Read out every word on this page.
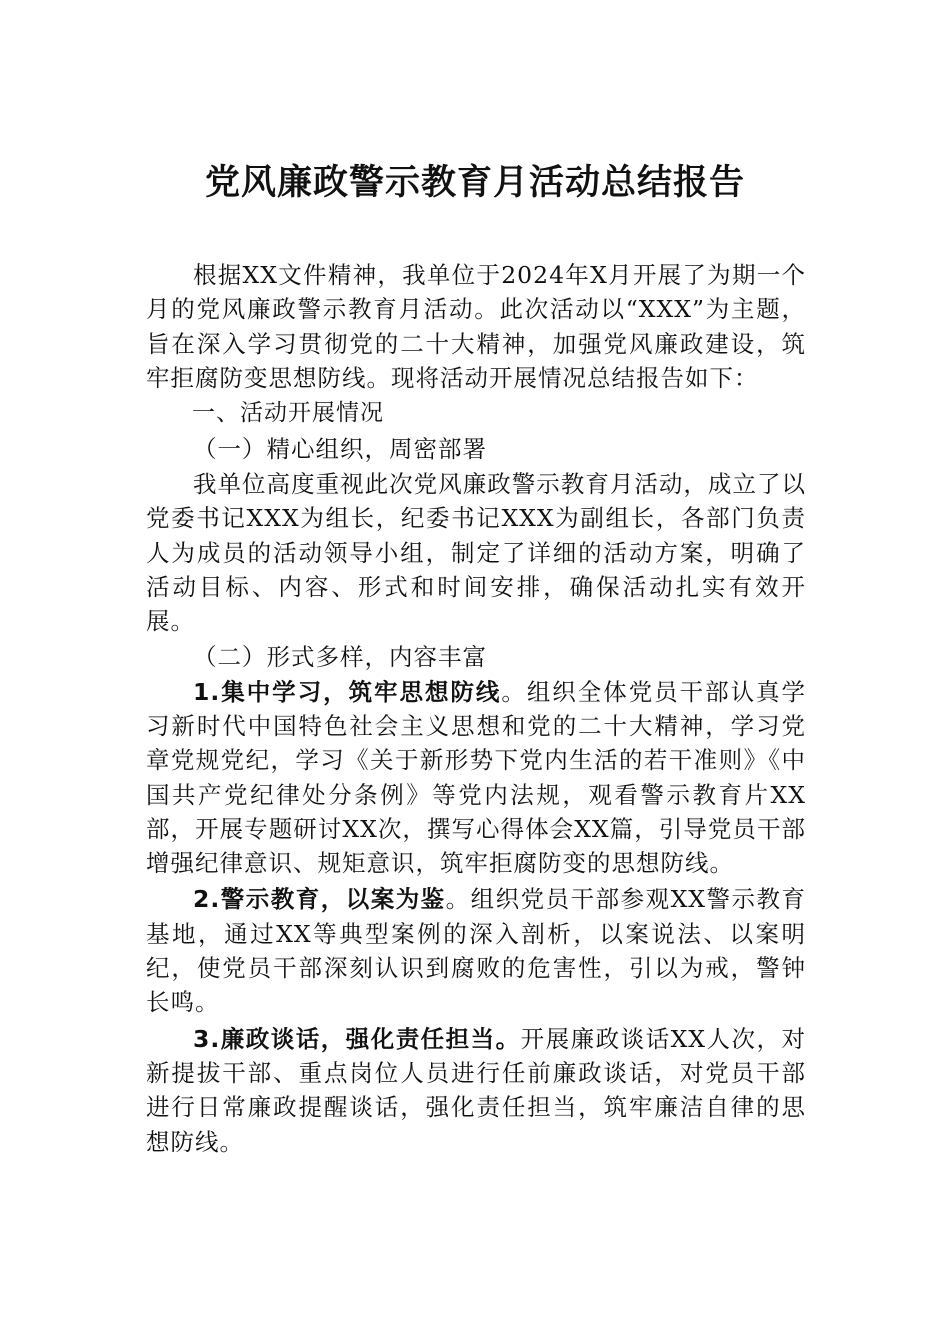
党风廉政警示教育月活动总结报告

根据XX文件精神，我单位于2024年X月开展了为期一个月的党风廉政警示教育月活动。此次活动以“XXX”为主题，旨在深入学习贯彻党的二十大精神，加强党风廉政建设，筑牢拒腐防变思想防线。现将活动开展情况总结报告如下：

一、活动开展情况
（一）精心组织，周密部署

我单位高度重视此次党风廉政警示教育月活动，成立了以党委书记XXX为组长，纪委书记XXX为副组长，各部门负责人为成员的活动领导小组，制定了详细的活动方案，明确了活动目标、内容、形式和时间安排，确保活动扎实有效开展。

（二）形式多样，内容丰富

1.集中学习，筑牢思想防线。组织全体党员干部认真学习新时代中国特色社会主义思想和党的二十大精神，学习党章党规党纪，学习《关于新形势下党内生活的若干准则》《中国共产党纪律处分条例》等党内法规，观看警示教育片XX部，开展专题研讨XX次，撰写心得体会XX篇，引导党员干部增强纪律意识、规矩意识，筑牢拒腐防变的思想防线。

2.警示教育，以案为鉴。组织党员干部参观XX警示教育基地，通过XX等典型案例的深入剖析，以案说法、以案明纪，使党员干部深刻认识到腐败的危害性，引以为戒，警钟长鸣。

3.廉政谈话，强化责任担当。开展廉政谈话XX人次，对新提拔干部、重点岗位人员进行任前廉政谈话，对党员干部进行日常廉政提醒谈话，强化责任担当，筑牢廉洁自律的思想防线。
